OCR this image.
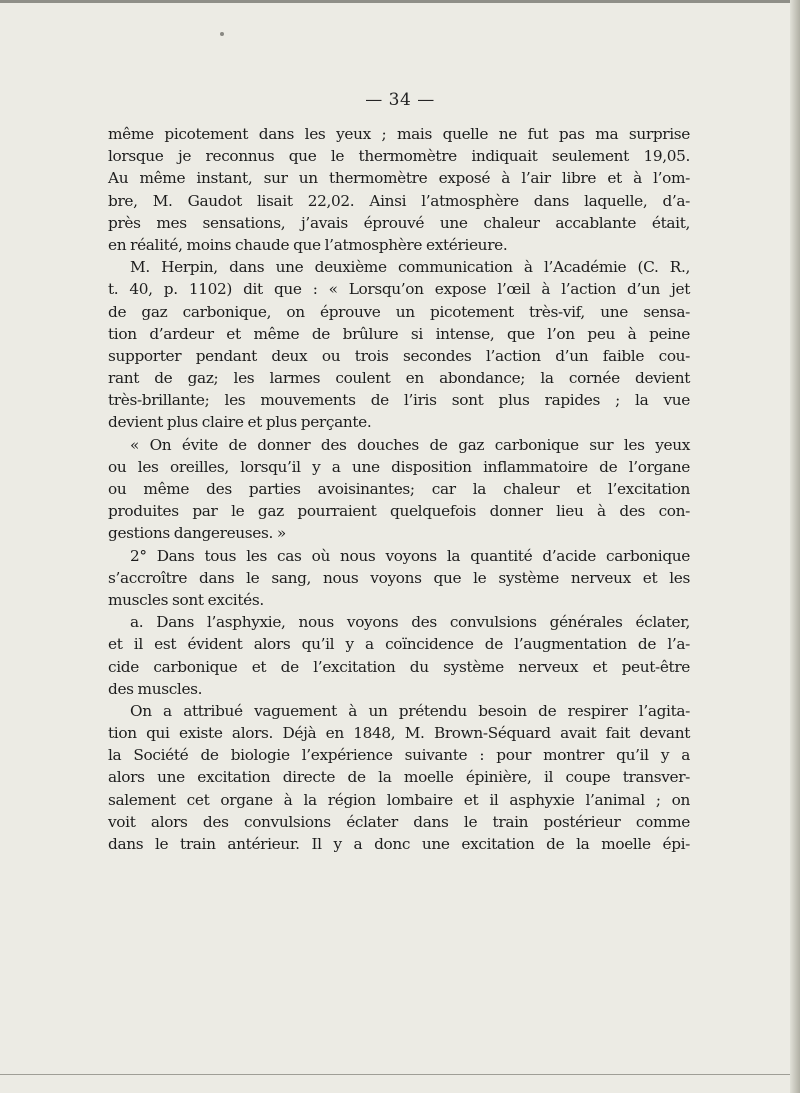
— 34 —
même picotement dans les yeux ; mais quelle ne fut pas ma surprise
lorsque je reconnus que le thermomètre indiquait seulement 19,05.
Au même instant, sur un thermomètre exposé à l’air libre et à l’om-
bre, M. Gaudot lisait 22,02. Ainsi l’atmosphère dans laquelle, d’a-
près mes sensations, j’avais éprouvé une chaleur accablante était,
en réalité, moins chaude que l’atmosphère extérieure.
M. Herpin, dans une deuxième communication à l’Académie (C. R.,
t. 40, p. 1102) dit que : « Lorsqu’on expose l’œil à l’action d’un jet
de gaz carbonique, on éprouve un picotement très-vif, une sensa-
tion d’ardeur et même de brûlure si intense, que l’on peu à peine
supporter pendant deux ou trois secondes l’action d’un faible cou-
rant de gaz; les larmes coulent en abondance; la cornée devient
très-brillante; les mouvements de l’iris sont plus rapides ; la vue
devient plus claire et plus perçante.
« On évite de donner des douches de gaz carbonique sur les yeux
ou les oreilles, lorsqu’il y a une disposition inflammatoire de l’organe
ou même des parties avoisinantes; car la chaleur et l’excitation
produites par le gaz pourraient quelquefois donner lieu à des con-
gestions dangereuses. »
2° Dans tous les cas où nous voyons la quantité d’acide carbonique
s’accroître dans le sang, nous voyons que le système nerveux et les
muscles sont excités.
a. Dans l’asphyxie, nous voyons des convulsions générales éclater,
et il est évident alors qu’il y a coïncidence de l’augmentation de l’a-
cide carbonique et de l’excitation du système nerveux et peut-être
des muscles.
On a attribué vaguement à un prétendu besoin de respirer l’agita-
tion qui existe alors. Déjà en 1848, M. Brown-Séquard avait fait devant
la Société de biologie l’expérience suivante : pour montrer qu’il y a
alors une excitation directe de la moelle épinière, il coupe transver-
salement cet organe à la région lombaire et il asphyxie l’animal ; on
voit alors des convulsions éclater dans le train postérieur comme
dans le train antérieur. Il y a donc une excitation de la moelle épi-
